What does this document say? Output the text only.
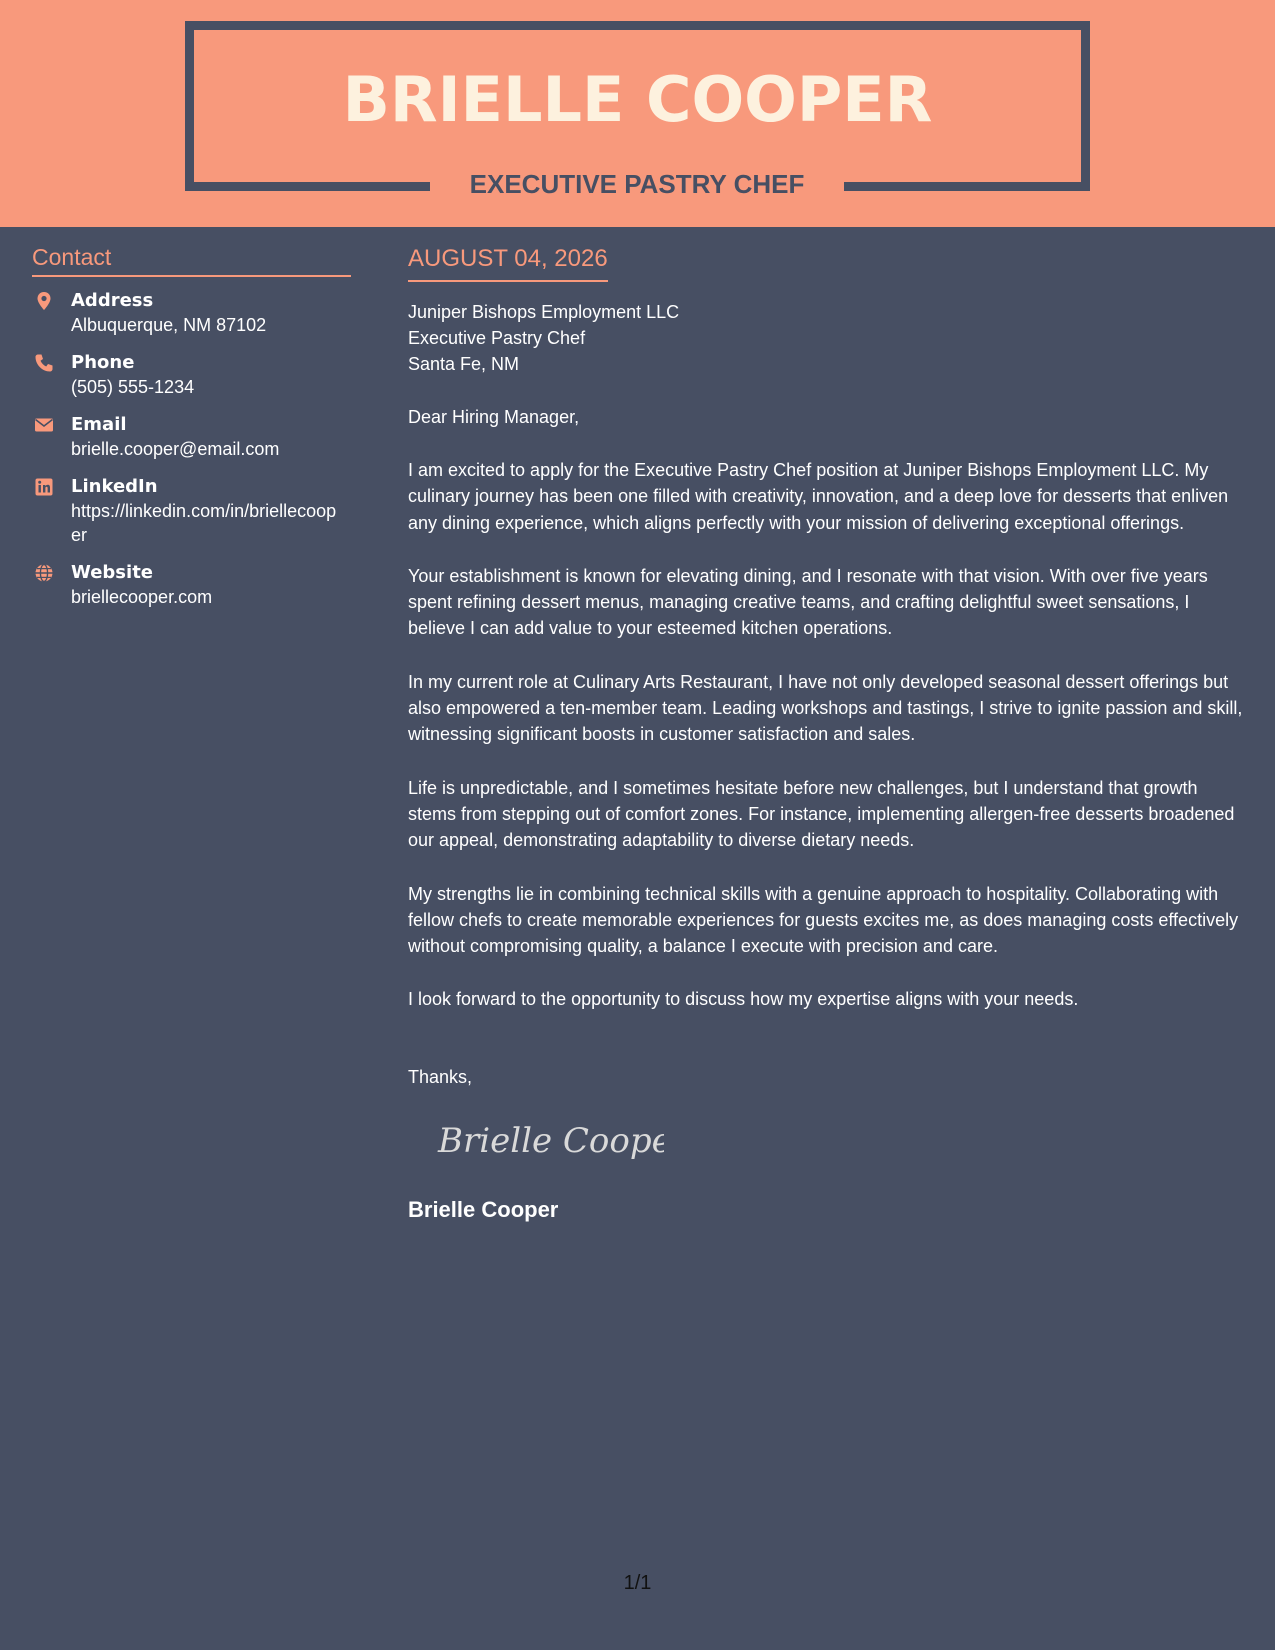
BRIELLE COOPER
EXECUTIVE PASTRY CHEF
Contact
Address
Albuquerque, NM 87102
Phone
(505) 555-1234
Email
brielle.cooper@email.com
LinkedIn
https://linkedin.com/in/briellecooper
Website
briellecooper.com
AUGUST 04, 2026
Juniper Bishops Employment LLC
Executive Pastry Chef
Santa Fe, NM

Dear Hiring Manager,

I am excited to apply for the Executive Pastry Chef position at Juniper Bishops Employment LLC. My culinary journey has been one filled with creativity, innovation, and a deep love for desserts that enliven any dining experience, which aligns perfectly with your mission of delivering exceptional offerings.

Your establishment is known for elevating dining, and I resonate with that vision. With over five years spent refining dessert menus, managing creative teams, and crafting delightful sweet sensations, I believe I can add value to your esteemed kitchen operations.

In my current role at Culinary Arts Restaurant, I have not only developed seasonal dessert offerings but also empowered a ten-member team. Leading workshops and tastings, I strive to ignite passion and skill, witnessing significant boosts in customer satisfaction and sales.

Life is unpredictable, and I sometimes hesitate before new challenges, but I understand that growth stems from stepping out of comfort zones. For instance, implementing allergen-free desserts broadened our appeal, demonstrating adaptability to diverse dietary needs.

My strengths lie in combining technical skills with a genuine approach to hospitality. Collaborating with fellow chefs to create memorable experiences for guests excites me, as does managing costs effectively without compromising quality, a balance I execute with precision and care.

I look forward to the opportunity to discuss how my expertise aligns with your needs.

Thanks,

Brielle Cooper
Brielle Cooper
1/1
